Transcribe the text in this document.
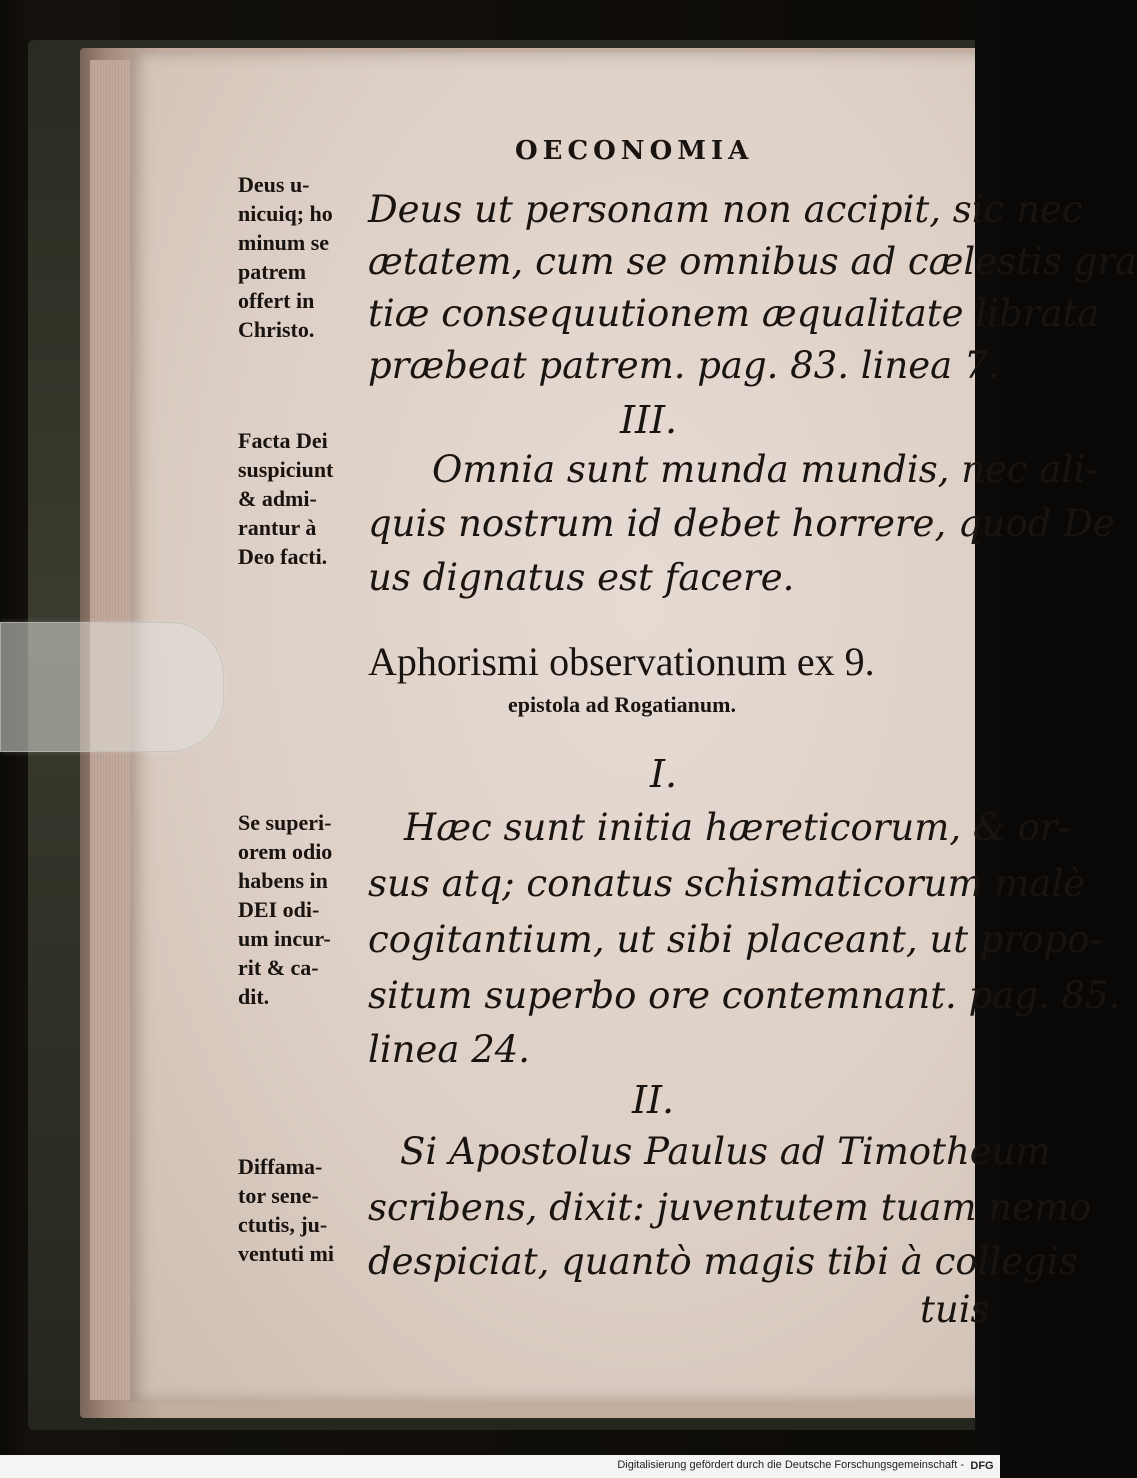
OECONOMIA
Deus ut personam non accipit, sic nec
ætatem, cum se omnibus ad cælestis gra
tiæ consequutionem æqualitate librata
præbeat patrem. pag. 83. linea 7.
III.
Omnia sunt munda mundis, nec ali-
quis nostrum id debet horrere, quod De
us dignatus est facere.
Aphorismi observationum ex 9.
epistola ad Rogatianum.
I.
Hæc sunt initia hæreticorum, & or-
sus atq; conatus schismaticorum malè
cogitantium, ut sibi placeant, ut propo-
situm superbo ore contemnant. pag. 85.
linea 24.
II.
Si Apostolus Paulus ad Timotheum
scribens, dixit: juventutem tuam nemo
despiciat, quantò magis tibi à collegis
tuis
Deus u-
nicuiq; ho
minum se
patrem
offert in
Christo.
Facta Dei
suspiciunt
& admi-
rantur à
Deo facti.
Se superi-
orem odio
habens in
DEI odi-
um incur-
rit & ca-
dit.
Diffama-
tor sene-
ctutis, ju-
ventuti mi
Digitalisierung gefördert durch die Deutsche Forschungsgemeinschaft - DFG
